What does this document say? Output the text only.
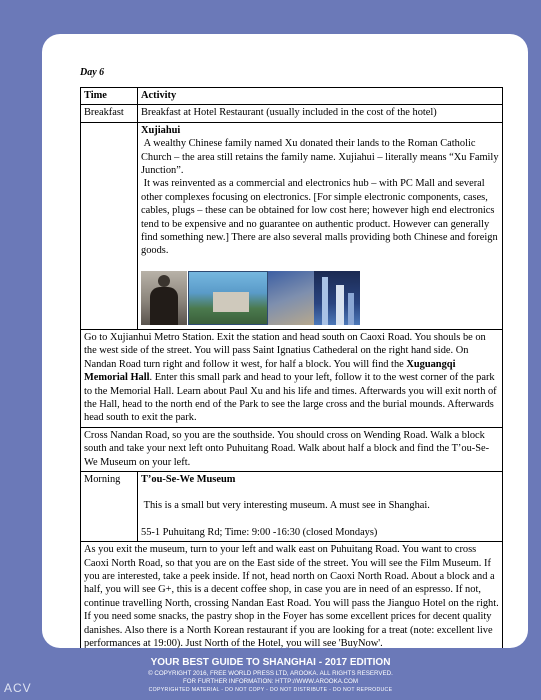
Day 6

Time	Activity
Breakfast	Breakfast at Hotel Restaurant (usually included in the cost of the hotel)

	Xujiahui

A wealthy Chinese family named Xu donated their lands to the Roman Catholic Church – the area still retains the family name. Xujiahui – literally means “Xu Family Junction”.

It was reinvented as a commercial and electronics hub – with PC Mall and several other complexes focusing on electronics. [For simple electronic components, cases, cables, plugs – these can be obtained for low cost here; however high end electronics tend to be expensive and no guarantee on authentic product. However can generally find something new.] There are also several malls providing both Chinese and foreign goods.

Go to Xujianhui Metro Station. Exit the station and head south on Caoxi Road. You shouls be on the west side of the street. You will pass Saint Ignatius Cathederal on the right hand side. On Nandan Road turn right and follow it west, for half a block. You will find the Xuguangqi Memorial Hall. Enter this small park and head to your left, follow it to the west corner of the park to the Memorial Hall. Learn about Paul Xu and his life and times. Afterwards you will exit north of the Hall, head to the north end of the Park to see the large cross and the burial mounds. Afterwards head south to exit the park.	
Cross Nandan Road, so you are the southside. You should cross on Wending Road. Walk a block south and take your next left onto Puhuitang Road. Walk about half a block and find the T’ou-Se-We Museum on your left.	
Morning	T’ou-Se-We Museum

This is a small but very interesting museum. A must see in Shanghai.

55-1 Puhuitang Rd; Time: 9:00 -16:30 (closed Mondays)

As you exit the museum, turn to your left and walk east on Puhuitang Road. You want to cross Caoxi North Road, so that you are on the East side of the street. You will see the Film Museum. If you are interested, take a peek inside. If not, head north on Caoxi North Road. About a block and a half, you will see G+, this is a decent coffee shop, in case you are in need of an espresso. If not, continue travelling North, crossing Nandan East Road. You will pass the Jianguo Hotel on the right. If you need some snacks, the pastry shop in the Foyer has some excellent prices for decent quality danishes. Also there is a North Korean restaurant if you are looking for a treat (note: excellent live performances at 19:00). Just North of the Hotel, you will see 'BuyNow'.	

YOUR BEST GUIDE TO SHANGHAI - 2017 EDITION

© COPYRIGHT 2016, FREE WORLD PRESS LTD, AROOKA. ALL RIGHTS RESERVED.

FOR FURTHER INFORMATION: HTTP://WWW.AROOKA.COM

COPYRIGHTED MATERIAL - DO NOT COPY - DO NOT DISTRIBUTE - DO NOT REPRODUCE

ACV
